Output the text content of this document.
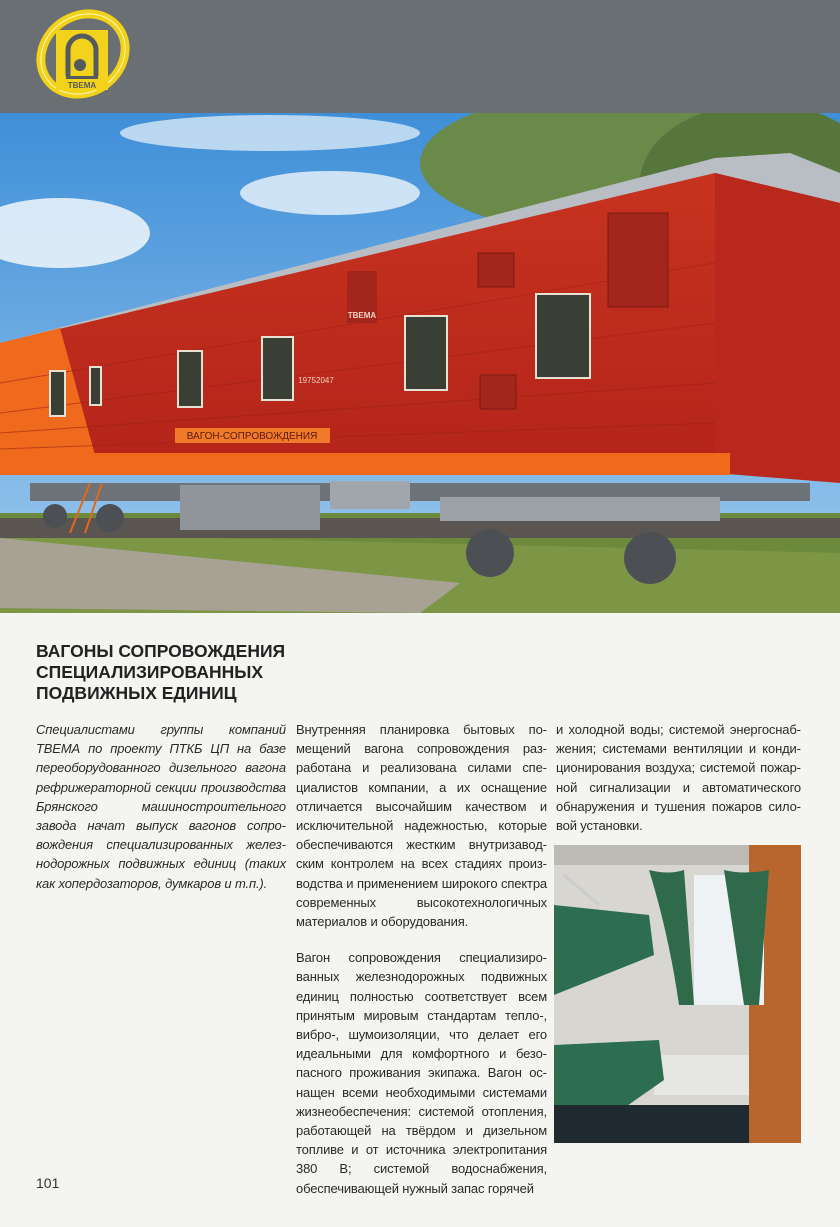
ТВЕМА
ТВЕМА
ВАГОН-СОПРОВОЖДЕНИЯ
19752047
ВАГОНЫ СОПРОВОЖДЕНИЯ
СПЕЦИАЛИЗИРОВАННЫХ
ПОДВИЖНЫХ ЕДИНИЦ

Специалистами группы компаний ТВЕМА по проекту ПТКБ ЦП на базе переоборудованного дизельного вагона рефрижераторной секции производства Брянского машиностроительного завода начат выпуск вагонов сопровождения специализированных железнодорожных подвижных единиц (таких как хопердозаторов, думкаров и т.п.).

Внутренняя планировка бытовых помещений вагона сопровождения разработана и реализована силами специалистов компании, а их оснащение отличается высочайшим качеством и исключительной надежностью, которые обеспечиваются жестким внутризаводским контролем на всех стадиях производства и применением широкого спектра современных высокотехнологичных материалов и оборудования.

Вагон сопровождения специализированных железнодорожных подвижных единиц полностью соответствует всем принятым мировым стандартам тепло-, вибро-, шумоизоляции, что делает его идеальными для комфортного и безопасного проживания экипажа. Вагон оснащен всеми необходимыми системами жизнеобеспечения: системой отопления, работающей на твёрдом и дизельном топливе и от источника электропитания 380 В; системой водоснабжения, обеспечивающей нужный запас горячей

и холодной воды; системой энергоснабжения; системами вентиляции и кондиционирования воздуха; системой пожарной сигнализации и автоматического обнаружения и тушения пожаров силовой установки.

101
